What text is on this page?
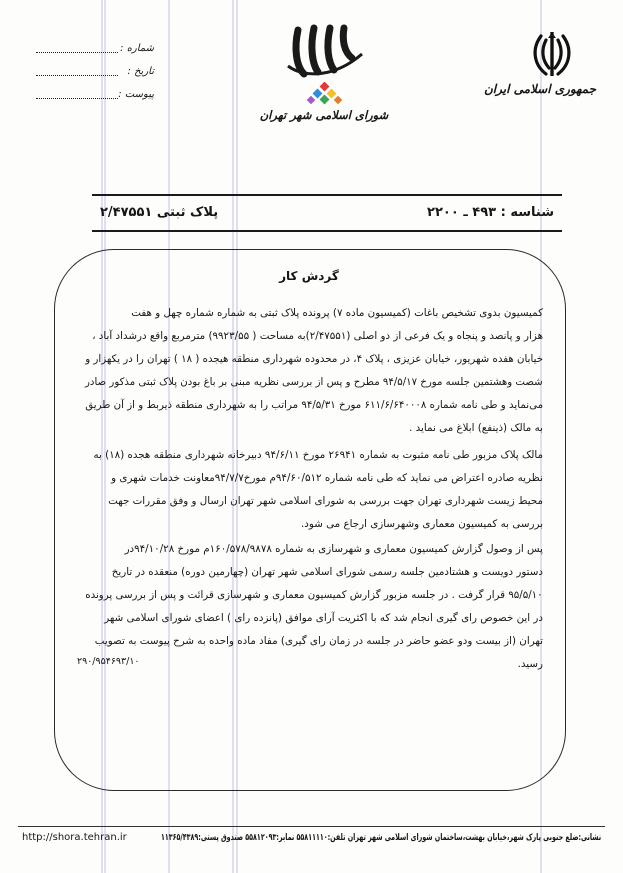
شماره :
تاریخ :
پیوست :
شورای اسلامی شهر تهران
جمهوری اسلامی ایران
شناسه : ۴۹۳ ـ ۲۲۰۰
پلاک ثبتی ۲/۴۷۵۵۱
گردش کار
کمیسیون بدوی تشخیص باغات (کمیسیون ماده ۷) پرونده پلاک ثبتی به شماره شماره چهل و هفت
هزار و پانصد و پنجاه و یک فرعی از دو اصلی (۲/۴۷۵۵۱)به مساحت ( ۹۹۲۳/۵۵) مترمربع واقع درشداد آباد ،
خیابان هفده شهریور، خیابان عزیزی ، پلاک ۴، در محدوده شهرداری منطقه هیجده ( ۱۸ ) تهران را در یکهزار و
شصت وهشتمین جلسه مورخ ۹۴/۵/۱۷ مطرح و پس از بررسی نظریه مبنی بر باغ بودن پلاک ثبتی مذکور صادر
می‌نماید و طی نامه شماره ۶۱۱/۶/۶۴۰۰۰۸ مورخ ۹۴/۵/۳۱ مراتب را به شهرداری منطقه ذیربط و از آن طریق
به مالک (ذینفع) ابلاغ می نماید .
مالک پلاک مزبور طی نامه مثبوت به شماره ۲۶۹۴۱ مورخ ۹۴/۶/۱۱ دبیرخانه شهرداری منطقه هجده (۱۸) به
نظریه صادره اعتراض می نماید که طی نامه شماره ۹۴/۶۰/۵۱۲م مورخ۹۴/۷/۷معاونت خدمات شهری و
محیط زیست شهرداری تهران جهت بررسی به شورای اسلامی شهر تهران ارسال و وفق مقررات جهت
بررسی به کمیسیون معماری وشهرسازی ارجاع می شود.
پس از وصول گزارش کمیسیون معماری و شهرسازی به شماره ۱۶۰/۵۷۸/۹۸۷۸م مورخ ۹۴/۱۰/۲۸در
دستور دویست و هشتادمین جلسه رسمی شورای اسلامی شهر تهران (چهارمین دوره) منعقده در تاریخ
۹۵/۵/۱۰ قرار گرفت . در جلسه مزبور گزارش کمیسیون معماری و شهرسازی قرائت و پس از بررسی پرونده
در این خصوص رای گیری انجام شد که با اکثریت آرای موافق (پانزده رای ) اعضای شورای اسلامی شهر
تهران (از بیست ودو عضو حاضر در جلسه در زمان رای گیری) مفاد ماده واحده به شرح پیوست به تصویب
رسید.
۲۹۰/۹۵۴۶۹۳/۱۰
نشانی:ضلع جنوبی پارک شهر،خیابان بهشت،ساختمان شورای اسلامی شهر تهران تلفن:۵۵۸۱۱۱۱۰ نمابر:۵۵۸۱۲۰۹۳ صندوق پستی:۱۱۳۶۵/۴۳۸۹
http://shora.tehran.ir
